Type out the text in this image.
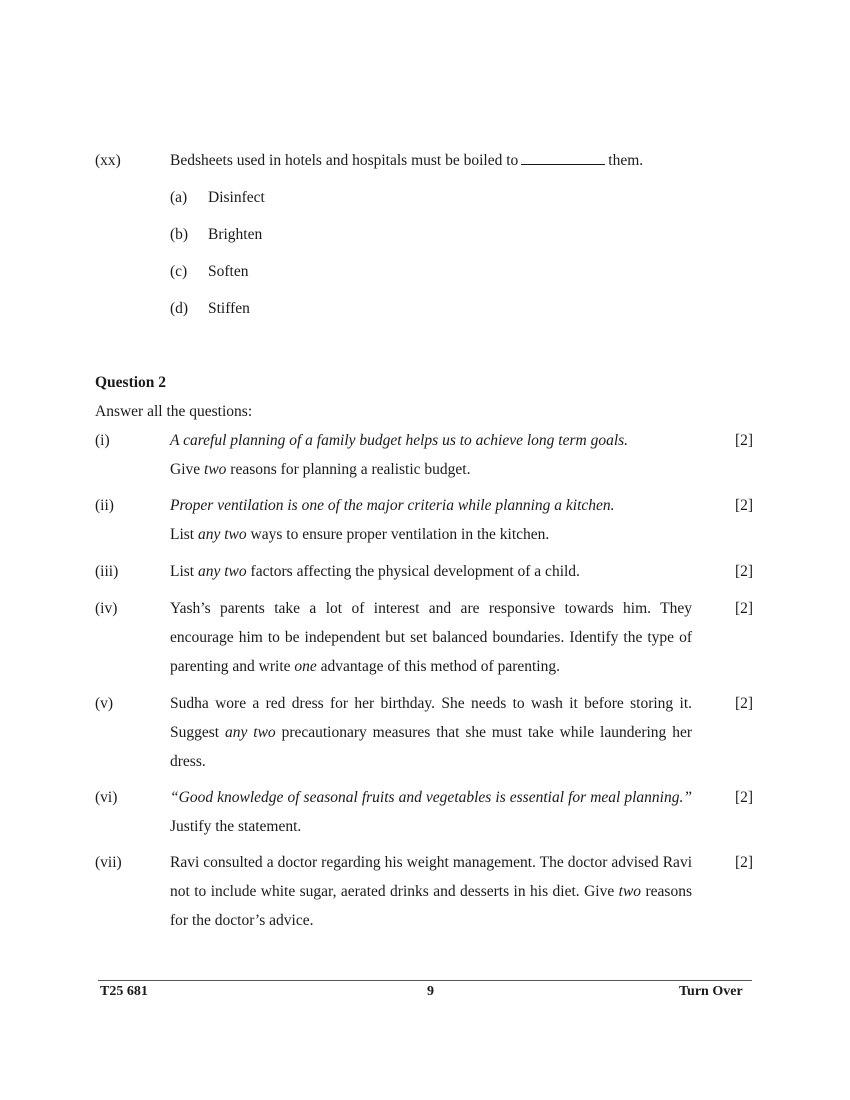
(xx)	Bedsheets used in hotels and hospitals must be boiled to	them.
(a) Disinfect
(b) Brighten
(c) Soften
(d) Stiffen
Question 2
Answer all the questions:
(i)	A careful planning of a family budget helps us to achieve long term goals.
Give two reasons for planning a realistic budget.
[2]
(ii)	Proper ventilation is one of the major criteria while planning a kitchen.
List any two ways to ensure proper ventilation in the kitchen.
[2]
(iii)	List any two factors affecting the physical development of a child.	[2]
(iv)	Yash’s parents take a lot of interest and are responsive towards him. They encourage him to be independent but set balanced boundaries. Identify the type of parenting and write one advantage of this method of parenting.
[2]
(v)	Sudha wore a red dress for her birthday. She needs to wash it before storing it. Suggest any two precautionary measures that she must take while laundering her dress.
[2]
(vi)	“Good knowledge of seasonal fruits and vegetables is essential for meal planning.” Justify the statement.
[2]
(vii)	Ravi consulted a doctor regarding his weight management. The doctor advised Ravi not to include white sugar, aerated drinks and desserts in his diet. Give two reasons for the doctor’s advice.
[2]
T25 681	9	Turn Over
